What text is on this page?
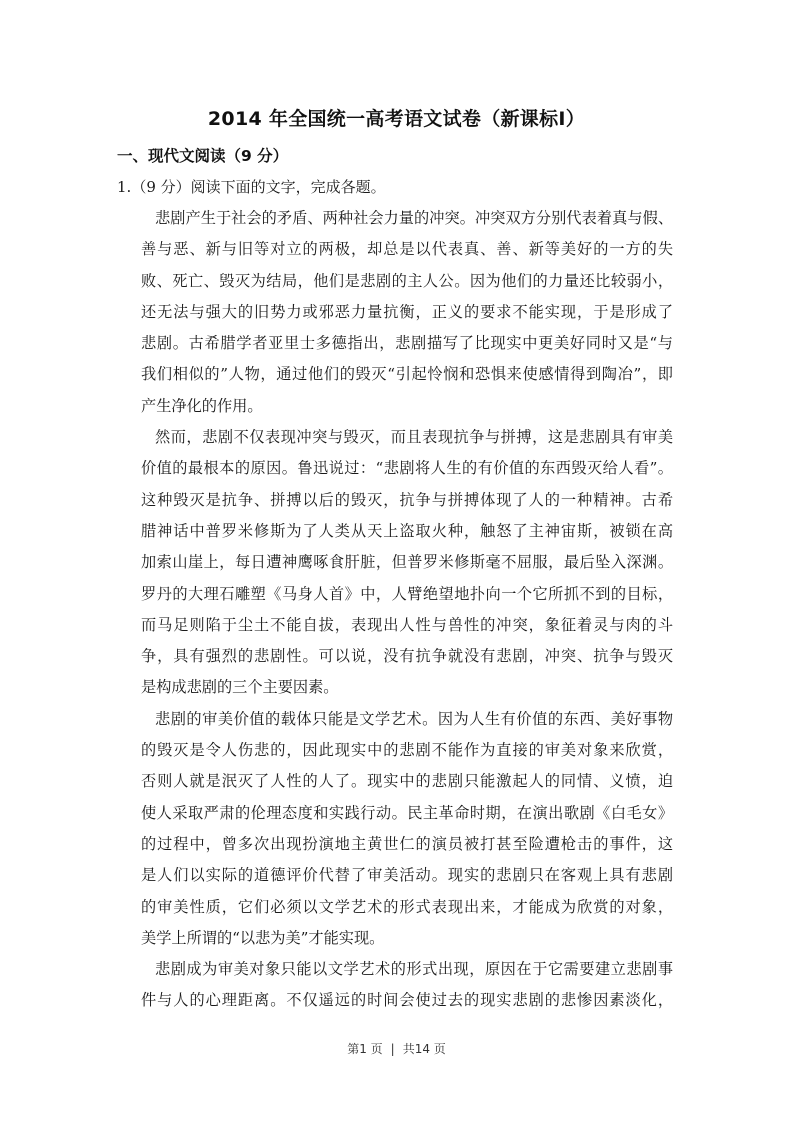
2014 年全国统一高考语文试卷（新课标Ⅰ）
一、现代文阅读（9 分）
1.（9 分）阅读下面的文字，完成各题。
悲剧产生于社会的矛盾、两种社会力量的冲突。冲突双方分别代表着真与假、
善与恶、新与旧等对立的两极，却总是以代表真、善、新等美好的一方的失
败、死亡、毁灭为结局，他们是悲剧的主人公。因为他们的力量还比较弱小，
还无法与强大的旧势力或邪恶力量抗衡，正义的要求不能实现，于是形成了
悲剧。古希腊学者亚里士多德指出，悲剧描写了比现实中更美好同时又是“与
我们相似的”人物，通过他们的毁灭“引起怜悯和恐惧来使感情得到陶冶”，即
产生净化的作用。
然而，悲剧不仅表现冲突与毁灭，而且表现抗争与拼搏，这是悲剧具有审美
价值的最根本的原因。鲁迅说过：“悲剧将人生的有价值的东西毁灭给人看”。
这种毁灭是抗争、拼搏以后的毁灭，抗争与拼搏体现了人的一种精神。古希
腊神话中普罗米修斯为了人类从天上盗取火种，触怒了主神宙斯，被锁在高
加索山崖上，每日遭神鹰啄食肝脏，但普罗米修斯毫不屈服，最后坠入深渊。
罗丹的大理石雕塑《马身人首》中，人臂绝望地扑向一个它所抓不到的目标，
而马足则陷于尘土不能自拔，表现出人性与兽性的冲突，象征着灵与肉的斗
争，具有强烈的悲剧性。可以说，没有抗争就没有悲剧，冲突、抗争与毁灭
是构成悲剧的三个主要因素。
悲剧的审美价值的载体只能是文学艺术。因为人生有价值的东西、美好事物
的毁灭是令人伤悲的，因此现实中的悲剧不能作为直接的审美对象来欣赏，
否则人就是泯灭了人性的人了。现实中的悲剧只能激起人的同情、义愤，迫
使人采取严肃的伦理态度和实践行动。民主革命时期，在演出歌剧《白毛女》
的过程中，曾多次出现扮演地主黄世仁的演员被打甚至险遭枪击的事件，这
是人们以实际的道德评价代替了审美活动。现实的悲剧只在客观上具有悲剧
的审美性质，它们必须以文学艺术的形式表现出来，才能成为欣赏的对象，
美学上所谓的“以悲为美”才能实现。
悲剧成为审美对象只能以文学艺术的形式出现，原因在于它需要建立悲剧事
件与人的心理距离。不仅遥远的时间会使过去的现实悲剧的悲惨因素淡化，
第1 页 | 共14 页
